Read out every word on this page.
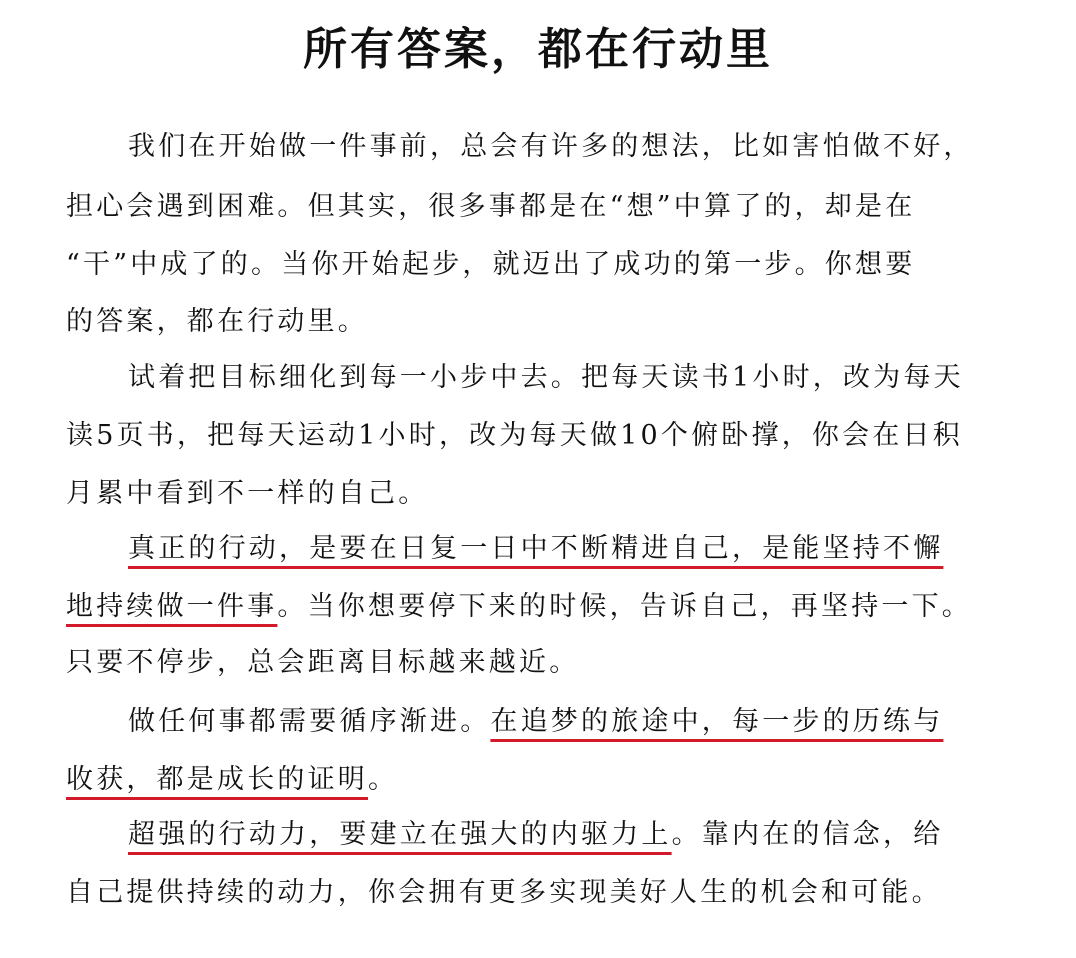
所有答案，都在行动里
我们在开始做一件事前，总会有许多的想法，比如害怕做不好，
担心会遇到困难。但其实，很多事都是在“想”中算了的，却是在
“干”中成了的。当你开始起步，就迈出了成功的第一步。你想要
的答案，都在行动里。
试着把目标细化到每一小步中去。把每天读书1小时，改为每天
读5页书，把每天运动1小时，改为每天做10个俯卧撑，你会在日积
月累中看到不一样的自己。
真正的行动，是要在日复一日中不断精进自己，是能坚持不懈
地持续做一件事。当你想要停下来的时候，告诉自己，再坚持一下。
只要不停步，总会距离目标越来越近。
做任何事都需要循序渐进。在追梦的旅途中，每一步的历练与
收获，都是成长的证明。
超强的行动力，要建立在强大的内驱力上。靠内在的信念，给
自己提供持续的动力，你会拥有更多实现美好人生的机会和可能。
